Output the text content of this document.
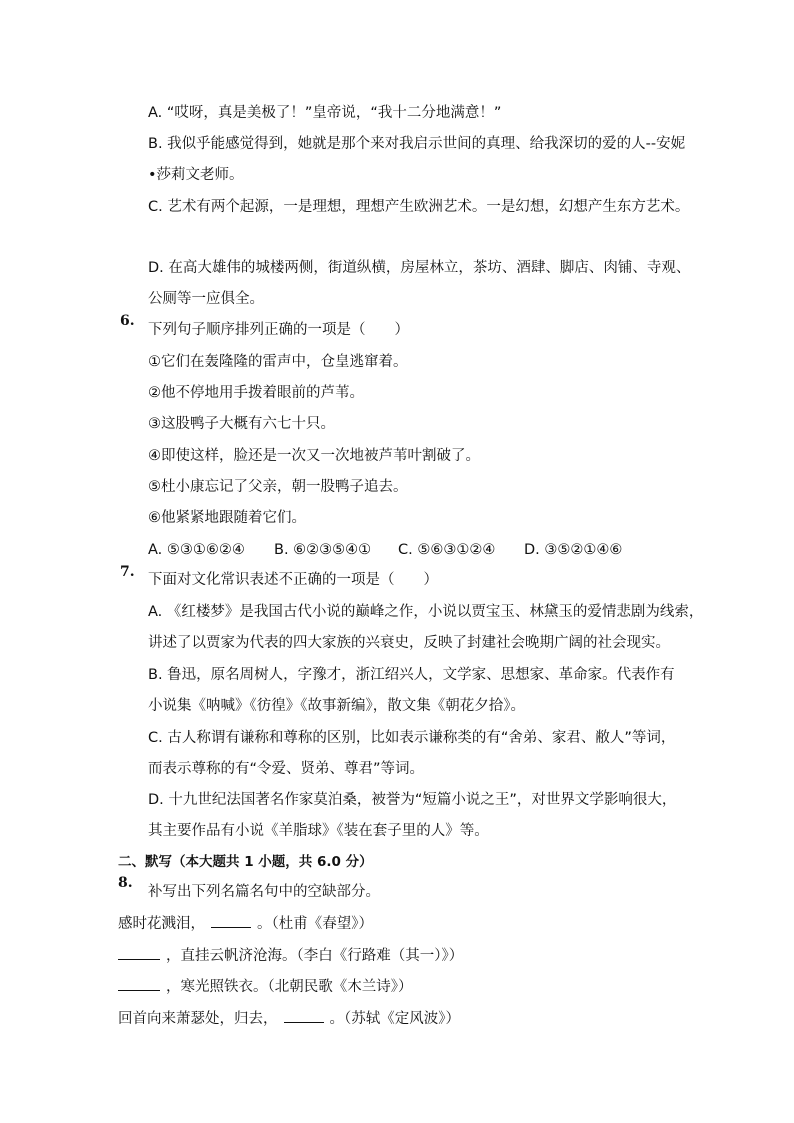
A. “哎呀，真是美极了！”皇帝说，“我十二分地满意！”
B. 我似乎能感觉得到，她就是那个来对我启示世间的真理、给我深切的爱的人--安妮
•莎莉文老师。
C. 艺术有两个起源，一是理想，理想产生欧洲艺术。一是幻想，幻想产生东方艺术。
D. 在高大雄伟的城楼两侧，街道纵横，房屋林立，茶坊、酒肆、脚店、肉铺、寺观、
公厕等一应俱全。
6.
下列句子顺序排列正确的一项是（　　）
①它们在轰隆隆的雷声中，仓皇逃窜着。
②他不停地用手拨着眼前的芦苇。
③这股鸭子大概有六七十只。
④即使这样，脸还是一次又一次地被芦苇叶割破了。
⑤杜小康忘记了父亲，朝一股鸭子追去。
⑥他紧紧地跟随着它们。
A. ⑤③①⑥②④ B. ⑥②③⑤④① C. ⑤⑥③①②④ D. ③⑤②①④⑥
7. 下面对文化常识表述不正确的一项是（　　）
A. 《红楼梦》是我国古代小说的巅峰之作，小说以贾宝玉、林黛玉的爱情悲剧为线索，
讲述了以贾家为代表的四大家族的兴衰史，反映了封建社会晚期广阔的社会现实。
B. 鲁迅，原名周树人，字豫才，浙江绍兴人，文学家、思想家、革命家。代表作有
小说集《呐喊》《彷徨》《故事新编》，散文集《朝花夕拾》。
C. 古人称谓有谦称和尊称的区别，比如表示谦称类的有“舍弟、家君、敝人”等词，
而表示尊称的有“令爱、贤弟、尊君”等词。
D. 十九世纪法国著名作家莫泊桑，被誉为“短篇小说之王”，对世界文学影响很大，
其主要作品有小说《羊脂球》《装在套子里的人》等。
二、默写（本大题共 1 小题，共 6.0 分）
8.
补写出下列名篇名句中的空缺部分。
感时花溅泪，	。（杜甫《春望》）
，直挂云帆济沧海。（李白《行路难（其一）》）
，寒光照铁衣。（北朝民歌《木兰诗》）
回首向来萧瑟处，归去，	。（苏轼《定风波》）
